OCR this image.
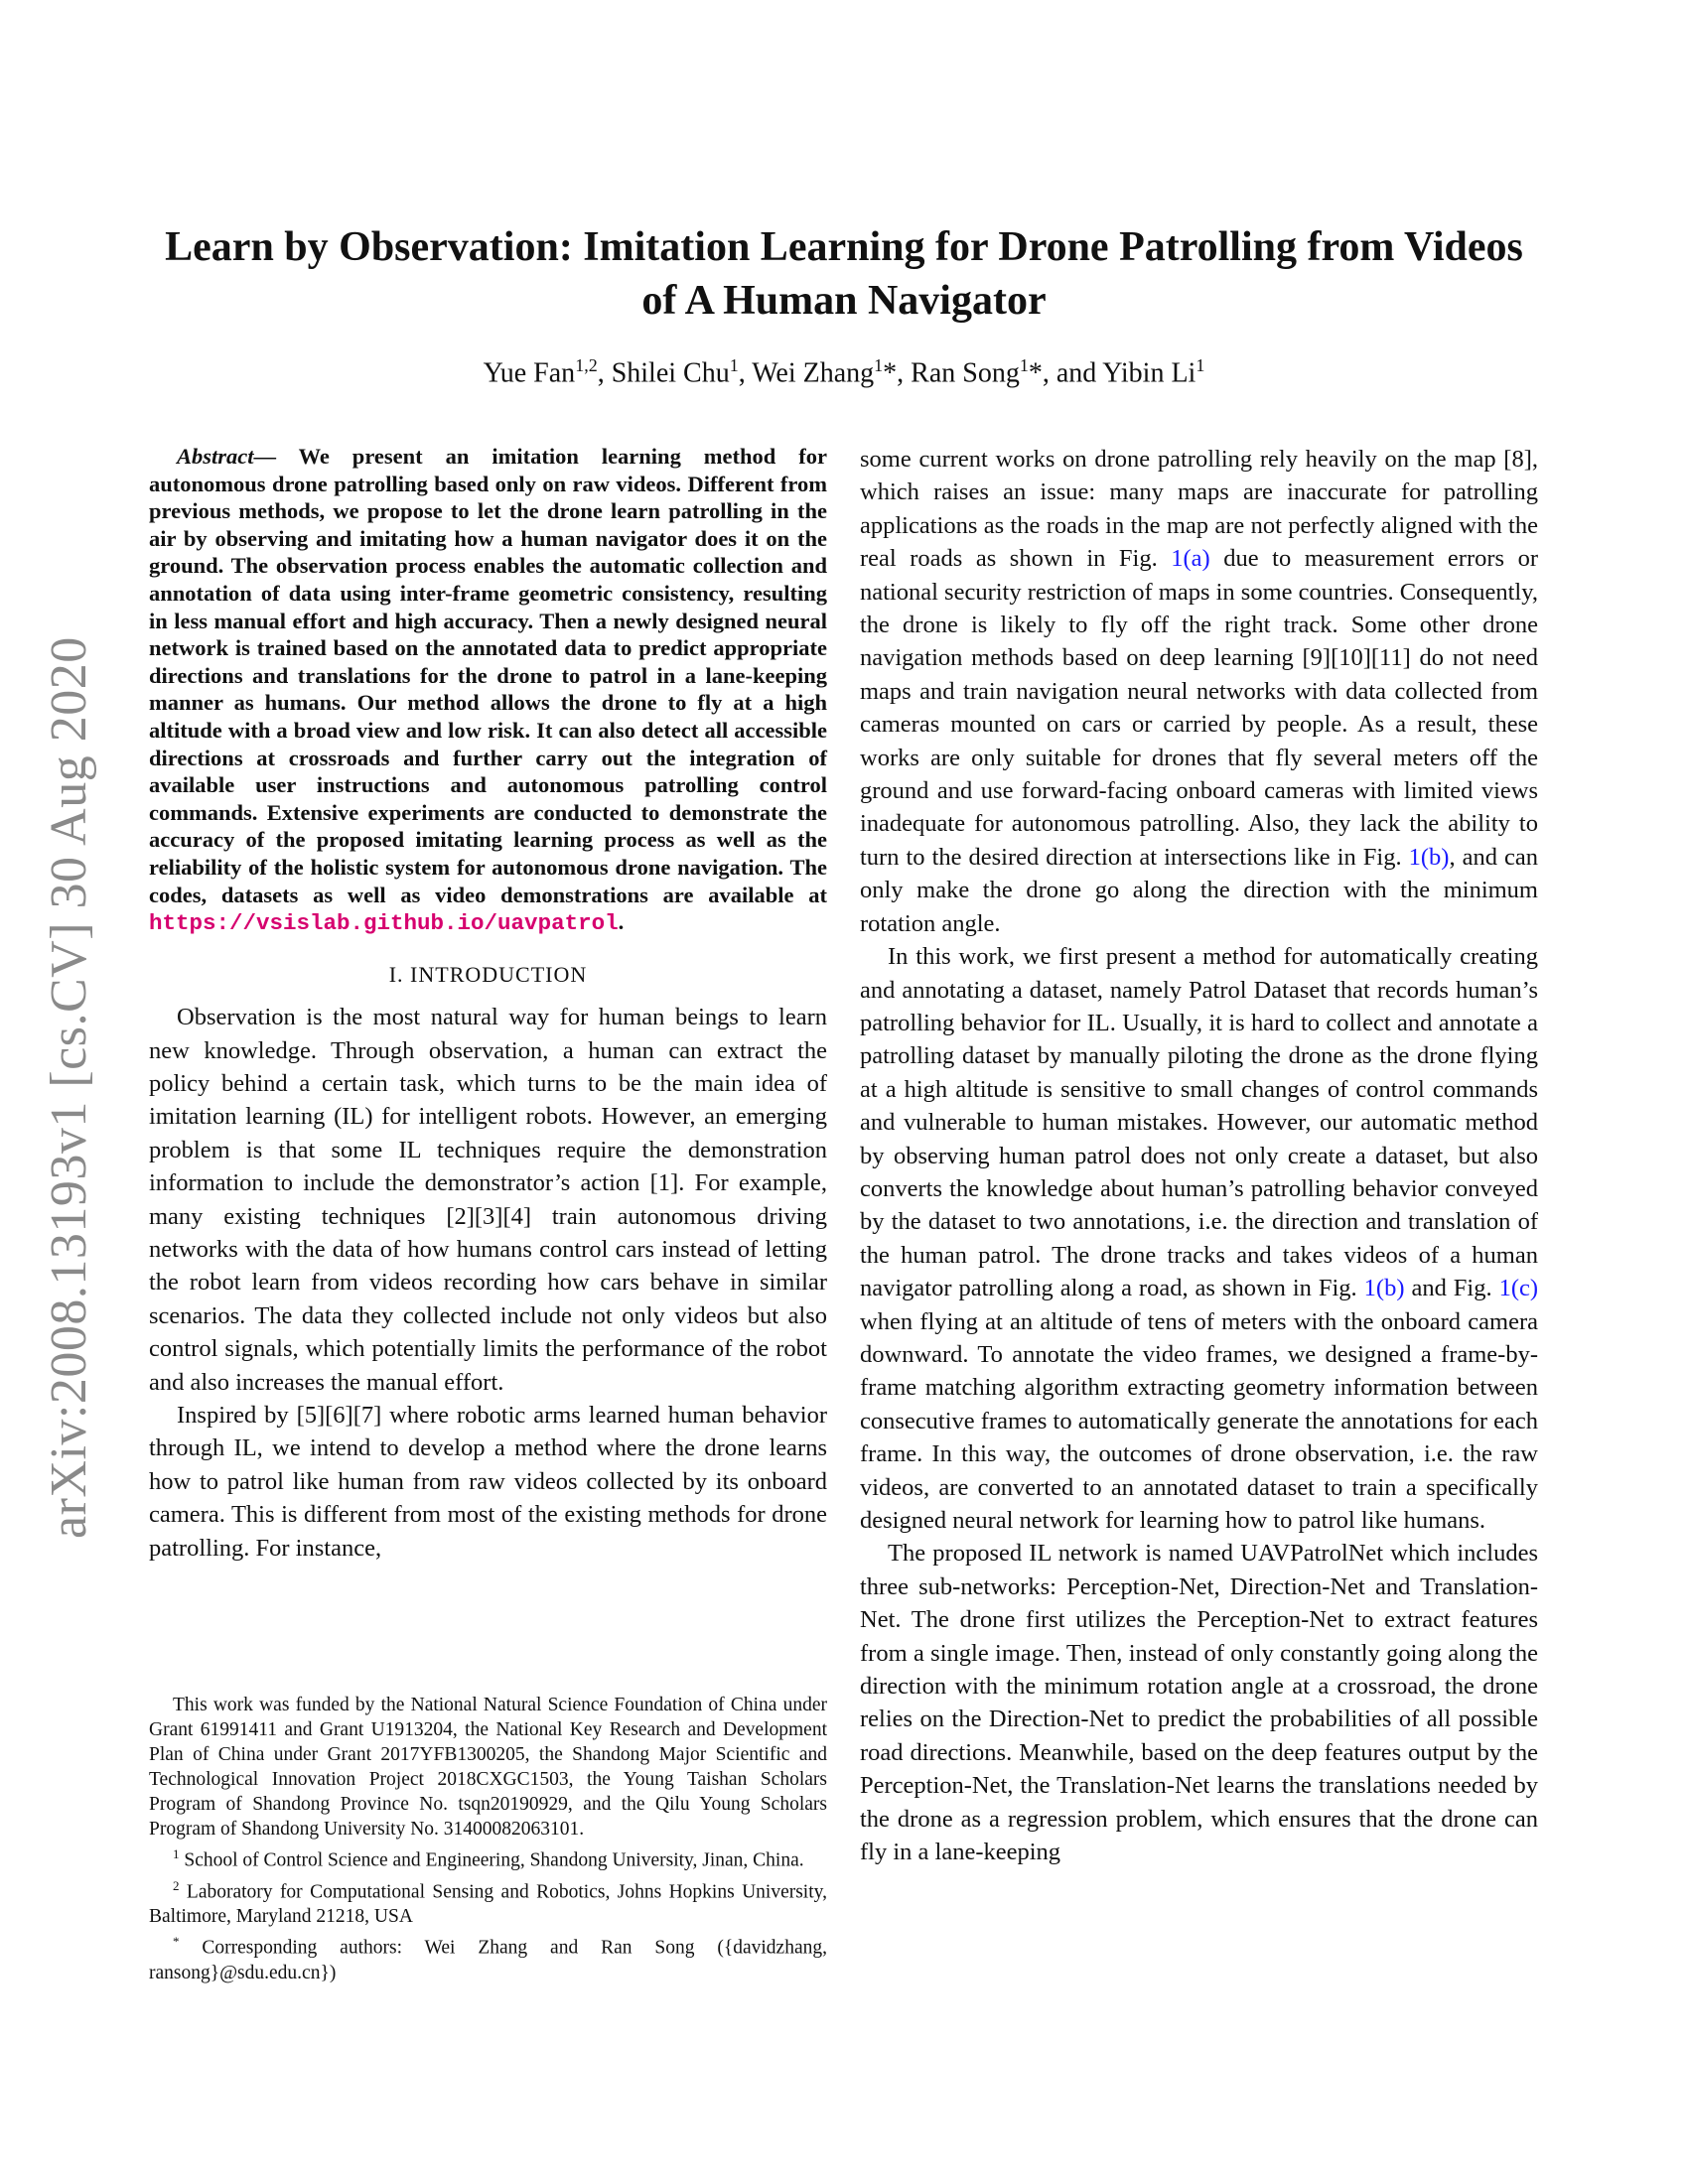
arXiv:2008.13193v1 [cs.CV] 30 Aug 2020
Learn by Observation: Imitation Learning for Drone Patrolling from Videos of A Human Navigator
Yue Fan$^{1,2}$, Shilei Chu$^1$, Wei Zhang$^1$*, Ran Song$^1$*, and Yibin Li$^1$

Abstract— We present an imitation learning method for autonomous drone patrolling based only on raw videos. Different from previous methods, we propose to let the drone learn patrolling in the air by observing and imitating how a human navigator does it on the ground. The observation process enables the automatic collection and annotation of data using inter-frame geometric consistency, resulting in less manual effort and high accuracy. Then a newly designed neural network is trained based on the annotated data to predict appropriate directions and translations for the drone to patrol in a lane-keeping manner as humans. Our method allows the drone to fly at a high altitude with a broad view and low risk. It can also detect all accessible directions at crossroads and further carry out the integration of available user instructions and autonomous patrolling control commands. Extensive experiments are conducted to demonstrate the accuracy of the proposed imitating learning process as well as the reliability of the holistic system for autonomous drone navigation. The codes, datasets as well as video demonstrations are available at https://vsislab.github.io/uavpatrol.

I. INTRODUCTION

Observation is the most natural way for human beings to learn new knowledge. Through observation, a human can extract the policy behind a certain task, which turns to be the main idea of imitation learning (IL) for intelligent robots. However, an emerging problem is that some IL techniques require the demonstration information to include the demonstrator’s action [1]. For example, many existing techniques [2][3][4] train autonomous driving networks with the data of how humans control cars instead of letting the robot learn from videos recording how cars behave in similar scenarios. The data they collected include not only videos but also control signals, which potentially limits the performance of the robot and also increases the manual effort.

Inspired by [5][6][7] where robotic arms learned human behavior through IL, we intend to develop a method where the drone learns how to patrol like human from raw videos collected by its onboard camera. This is different from most of the existing methods for drone patrolling. For instance,

This work was funded by the National Natural Science Foundation of China under Grant 61991411 and Grant U1913204, the National Key Research and Development Plan of China under Grant 2017YFB1300205, the Shandong Major Scientific and Technological Innovation Project 2018CXGC1503, the Young Taishan Scholars Program of Shandong Province No. tsqn20190929, and the Qilu Young Scholars Program of Shandong University No. 31400082063101.

$^1$ School of Control Science and Engineering, Shandong University, Jinan, China.

$^2$ Laboratory for Computational Sensing and Robotics, Johns Hopkins University, Baltimore, Maryland 21218, USA

* Corresponding authors: Wei Zhang and Ran Song ({davidzhang, ransong}@sdu.edu.cn})

some current works on drone patrolling rely heavily on the map [8], which raises an issue: many maps are inaccurate for patrolling applications as the roads in the map are not perfectly aligned with the real roads as shown in Fig. 1(a) due to measurement errors or national security restriction of maps in some countries. Consequently, the drone is likely to fly off the right track. Some other drone navigation methods based on deep learning [9][10][11] do not need maps and train navigation neural networks with data collected from cameras mounted on cars or carried by people. As a result, these works are only suitable for drones that fly several meters off the ground and use forward-facing onboard cameras with limited views inadequate for autonomous patrolling. Also, they lack the ability to turn to the desired direction at intersections like in Fig. 1(b), and can only make the drone go along the direction with the minimum rotation angle.

In this work, we first present a method for automatically creating and annotating a dataset, namely Patrol Dataset that records human’s patrolling behavior for IL. Usually, it is hard to collect and annotate a patrolling dataset by manually piloting the drone as the drone flying at a high altitude is sensitive to small changes of control commands and vulnerable to human mistakes. However, our automatic method by observing human patrol does not only create a dataset, but also converts the knowledge about human’s patrolling behavior conveyed by the dataset to two annotations, i.e. the direction and translation of the human patrol. The drone tracks and takes videos of a human navigator patrolling along a road, as shown in Fig. 1(b) and Fig. 1(c) when flying at an altitude of tens of meters with the onboard camera downward. To annotate the video frames, we designed a frame-by-frame matching algorithm extracting geometry information between consecutive frames to automatically generate the annotations for each frame. In this way, the outcomes of drone observation, i.e. the raw videos, are converted to an annotated dataset to train a specifically designed neural network for learning how to patrol like humans.

The proposed IL network is named UAVPatrolNet which includes three sub-networks: Perception-Net, Direction-Net and Translation-Net. The drone first utilizes the Perception-Net to extract features from a single image. Then, instead of only constantly going along the direction with the minimum rotation angle at a crossroad, the drone relies on the Direction-Net to predict the probabilities of all possible road directions. Meanwhile, based on the deep features output by the Perception-Net, the Translation-Net learns the translations needed by the drone as a regression problem, which ensures that the drone can fly in a lane-keeping
